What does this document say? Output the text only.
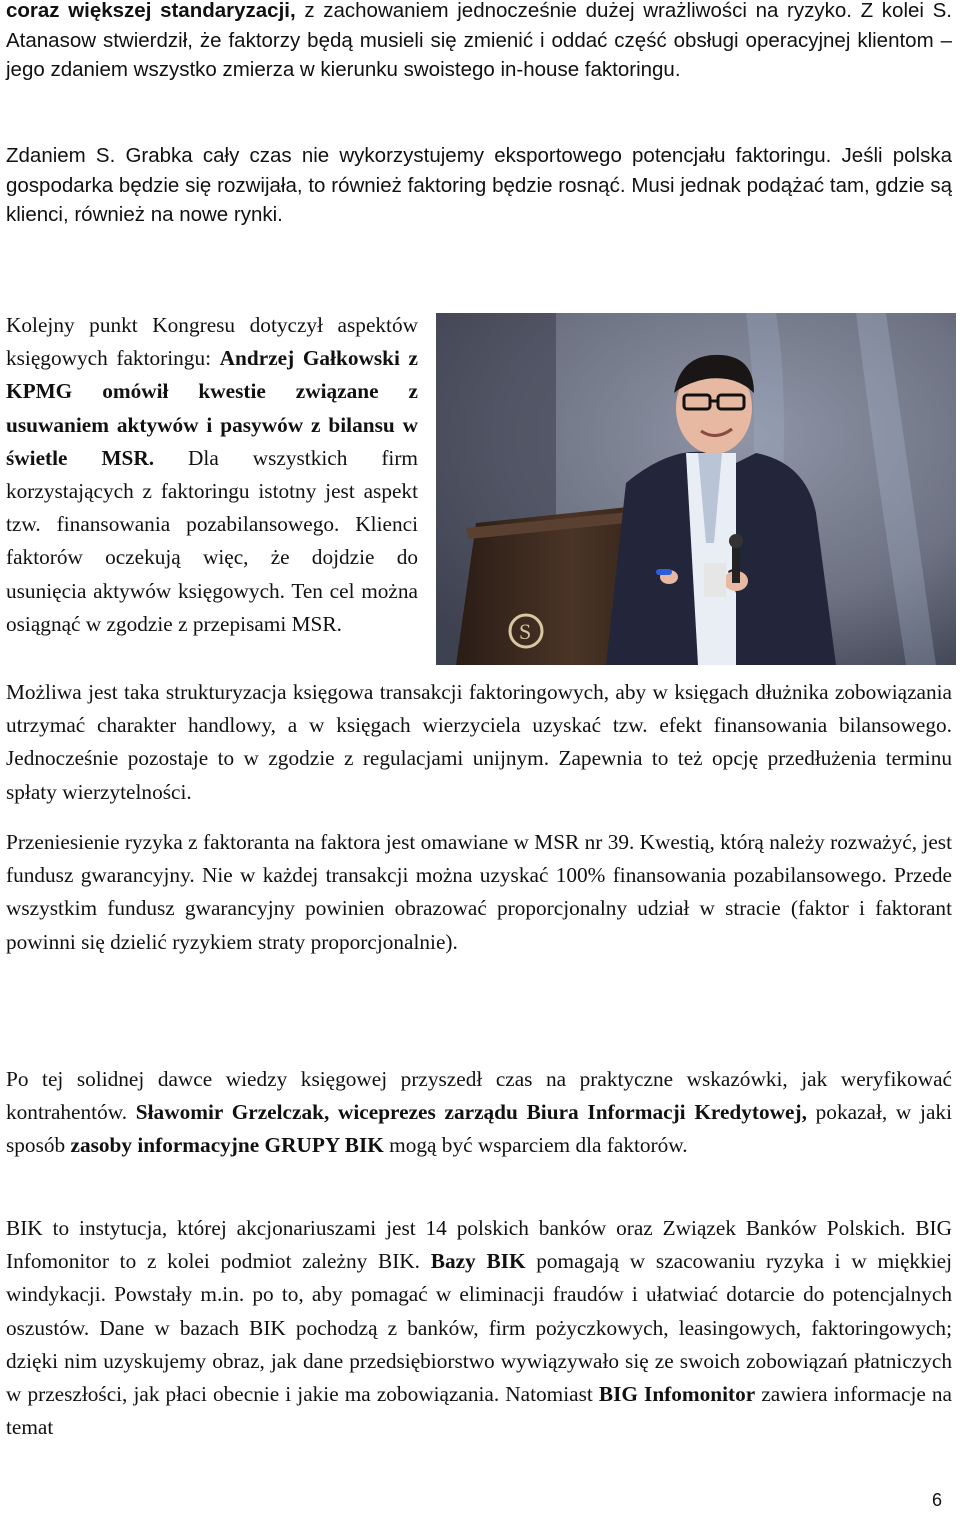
coraz większej standaryzacji, z zachowaniem jednocześnie dużej wrażliwości na ryzyko. Z kolei S. Atanasow stwierdził, że faktorzy będą musieli się zmienić i oddać część obsługi operacyjnej klientom – jego zdaniem wszystko zmierza w kierunku swoistego in-house faktoringu.

Zdaniem S. Grabka cały czas nie wykorzystujemy eksportowego potencjału faktoringu. Jeśli polska gospodarka będzie się rozwijała, to również faktoring będzie rosnąć. Musi jednak podążać tam, gdzie są klienci, również na nowe rynki.

S

Kolejny punkt Kongresu dotyczył aspektów księgowych faktoringu: Andrzej Gałkowski z KPMG omówił kwestie związane z usuwaniem aktywów i pasywów z bilansu w świetle MSR. Dla wszystkich firm korzystających z faktoringu istotny jest aspekt tzw. finansowania pozabilansowego. Klienci faktorów oczekują więc, że dojdzie do usunięcia aktywów księgowych. Ten cel można osiągnąć w zgodzie z przepisami MSR.

Możliwa jest taka strukturyzacja księgowa transakcji faktoringowych, aby w księgach dłużnika zobowiązania utrzymać charakter handlowy, a w księgach wierzyciela uzyskać tzw. efekt finansowania bilansowego. Jednocześnie pozostaje to w zgodzie z regulacjami unijnym. Zapewnia to też opcję przedłużenia terminu spłaty wierzytelności.

Przeniesienie ryzyka z faktoranta na faktora jest omawiane w MSR nr 39. Kwestią, którą należy rozważyć, jest fundusz gwarancyjny. Nie w każdej transakcji można uzyskać 100% finansowania pozabilansowego. Przede wszystkim fundusz gwarancyjny powinien obrazować proporcjonalny udział w stracie (faktor i faktorant powinni się dzielić ryzykiem straty proporcjonalnie).

Po tej solidnej dawce wiedzy księgowej przyszedł czas na praktyczne wskazówki, jak weryfikować kontrahentów. Sławomir Grzelczak, wiceprezes zarządu Biura Informacji Kredytowej, pokazał, w jaki sposób zasoby informacyjne GRUPY BIK mogą być wsparciem dla faktorów.

BIK to instytucja, której akcjonariuszami jest 14 polskich banków oraz Związek Banków Polskich. BIG Infomonitor to z kolei podmiot zależny BIK. Bazy BIK pomagają w szacowaniu ryzyka i w miękkiej windykacji. Powstały m.in. po to, aby pomagać w eliminacji fraudów i ułatwiać dotarcie do potencjalnych oszustów. Dane w bazach BIK pochodzą z banków, firm pożyczkowych, leasingowych, faktoringowych; dzięki nim uzyskujemy obraz, jak dane przedsiębiorstwo wywiązywało się ze swoich zobowiązań płatniczych w przeszłości, jak płaci obecnie i jakie ma zobowiązania. Natomiast BIG Infomonitor zawiera informacje na temat

6
